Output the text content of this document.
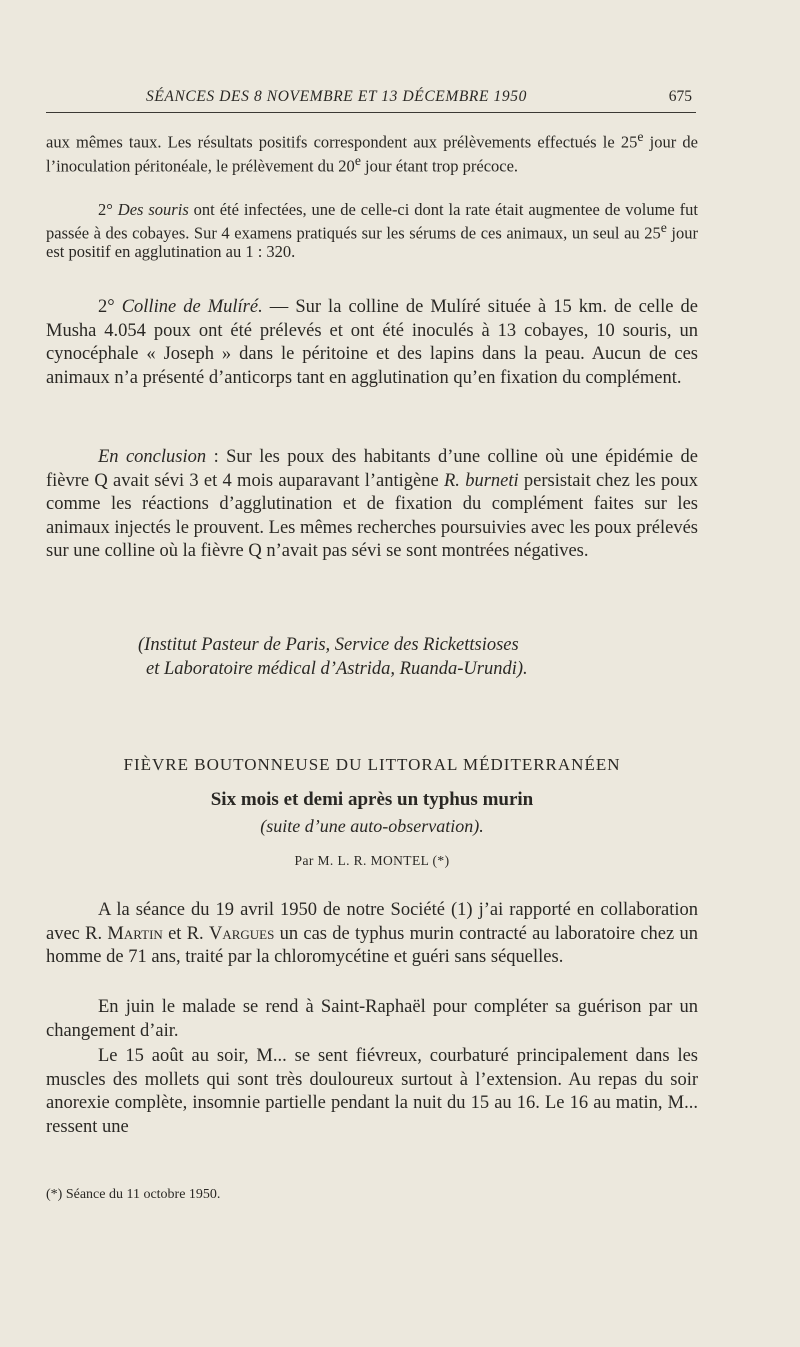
SÉANCES DES 8 NOVEMBRE ET 13 DÉCEMBRE 1950	675
aux mêmes taux. Les résultats positifs correspondent aux prélèvements effectués le 25e jour de l’inoculation péritonéale, le prélèvement du 20e jour étant trop précoce.
2° Des souris ont été infectées, une de celle-ci dont la rate était augmentee de volume fut passée à des cobayes. Sur 4 examens pratiqués sur les sérums de ces animaux, un seul au 25e jour est positif en agglutination au 1 : 320.
2° Colline de Mulíré. — Sur la colline de Mulíré située à 15 km. de celle de Musha 4.054 poux ont été prélevés et ont été inoculés à 13 cobayes, 10 souris, un cynocéphale « Joseph » dans le péritoine et des lapins dans la peau. Aucun de ces animaux n’a présenté d’anticorps tant en agglutination qu’en fixation du complément.
En conclusion : Sur les poux des habitants d’une colline où une épidémie de fièvre Q avait sévi 3 et 4 mois auparavant l’antigène R. burneti persistait chez les poux comme les réactions d’agglutination et de fixation du complément faites sur les animaux injectés le prouvent. Les mêmes recherches poursuivies avec les poux prélevés sur une colline où la fièvre Q n’avait pas sévi se sont montrées négatives.
(Institut Pasteur de Paris, Service des Rickettsioses
et Laboratoire médical d’Astrida, Ruanda-Urundi).
FIÈVRE BOUTONNEUSE DU LITTORAL MÉDITERRANÉEN
Six mois et demi après un typhus murin
(suite d’une auto-observation).
Par M. L. R. MONTEL (*)
A la séance du 19 avril 1950 de notre Société (1) j’ai rapporté en collaboration avec R. Martin et R. Vargues un cas de typhus murin contracté au laboratoire chez un homme de 71 ans, traité par la chloromycétine et guéri sans séquelles.
En juin le malade se rend à Saint-Raphaël pour compléter sa guérison par un changement d’air.
Le 15 août au soir, M... se sent fiévreux, courbaturé principalement dans les muscles des mollets qui sont très douloureux surtout à l’extension. Au repas du soir anorexie complète, insomnie partielle pendant la nuit du 15 au 16. Le 16 au matin, M... ressent une
(*) Séance du 11 octobre 1950.
